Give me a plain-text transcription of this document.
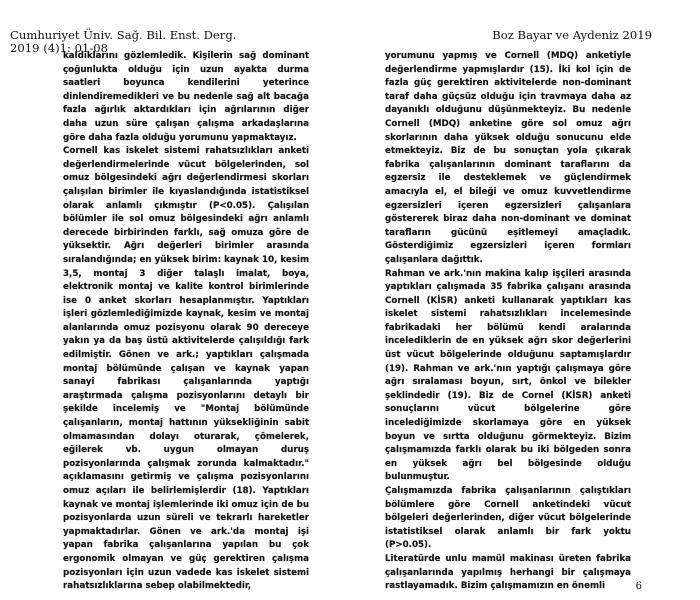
Cumhuriyet Üniv. Sağ. Bil. Enst. Derg.
2019 (4)1: 01-08
Boz Bayar ve Aydeniz 2019

kaldıklarını gözlemledik. Kişilerin sağ dominant çoğunlukta olduğu için uzun ayakta durma saatleri boyunca kendilerini yeterince dinlendiremedikleri ve bu nedenle sağ alt bacağa fazla ağırlık aktardıkları için ağrılarının diğer daha uzun süre çalışan çalışma arkadaşlarına göre daha fazla olduğu yorumunu yapmaktayız.

Cornell kas iskelet sistemi rahatsızlıkları anketi değerlendirmelerinde vücut bölgelerinden, sol omuz bölgesindeki ağrı değerlendirmesi skorları çalışılan birimler ile kıyaslandığında istatistiksel olarak anlamlı çıkmıştır (P<0.05). Çalışılan bölümler ile sol omuz bölgesindeki ağrı anlamlı derecede birbirinden farklı, sağ omuza göre de yüksektir. Ağrı değerleri birimler arasında sıralandığında; en yüksek birim: kaynak 10, kesim 3,5, montaj 3 diğer talaşlı imalat, boya, elektronik montaj ve kalite kontrol birimlerinde ise 0 anket skorları hesaplanmıştır. Yaptıkları işleri gözlemlediğimizde kaynak, kesim ve montaj alanlarında omuz pozisyonu olarak 90 dereceye yakın ya da baş üstü aktivitelerde çalışıldığı fark edilmiştir. Gönen ve ark.; yaptıkları çalışmada montaj bölümünde çalışan ve kaynak yapan sanayi fabrikası çalışanlarında yaptığı araştırmada çalışma pozisyonlarını detaylı bir şekilde incelemiş ve "Montaj bölümünde çalışanların, montaj hattının yüksekliğinin sabit olmamasından dolayı oturarak, çömelerek, eğilerek vb. uygun olmayan duruş pozisyonlarında çalışmak zorunda kalmaktadır." açıklamasını getirmiş ve çalışma pozisyonlarını omuz açıları ile belirlemişlerdir (18). Yaptıkları kaynak ve montaj işlemlerinde iki omuz için de bu pozisyonlarda uzun süreli ve tekrarlı hareketler yapmaktadırlar. Gönen ve ark.'da montaj işi yapan fabrika çalışanlarına yapılan bu çok ergonomik olmayan ve güç gerektiren çalışma pozisyonları için uzun vadede kas iskelet sistemi rahatsızlıklarına sebep olabilmektedir,

yorumunu yapmış ve Cornell (MDQ) anketiyle değerlendirme yapmışlardır (15). İki kol için de fazla güç gerektiren aktivitelerde non-dominant taraf daha güçsüz olduğu için travmaya daha az dayanıklı olduğunu düşünmekteyiz. Bu nedenle Cornell (MDQ) anketine göre sol omuz ağrı skorlarının daha yüksek olduğu sonucunu elde etmekteyiz. Biz de bu sonuçtan yola çıkarak fabrika çalışanlarının dominant taraflarını da egzersiz ile desteklemek ve güçlendirmek amacıyla el, el bileği ve omuz kuvvetlendirme egzersizleri içeren egzersizleri çalışanlara göstererek biraz daha non-dominant ve dominat tarafların gücünü eşitlemeyi amaçladık. Gösterdiğimiz egzersizleri içeren formları çalışanlara dağıttık.

Rahman ve ark.'nın makina kalıp işçileri arasında yaptıkları çalışmada 35 fabrika çalışanı arasında Cornell (KİSR) anketi kullanarak yaptıkları kas iskelet sistemi rahatsızlıkları incelemesinde fabrikadaki her bölümü kendi aralarında incelediklerin de en yüksek ağrı skor değerlerini üst vücut bölgelerinde olduğunu saptamışlardır (19). Rahman ve ark.'nın yaptığı çalışmaya göre ağrı sıralaması boyun, sırt, önkol ve bilekler şeklindedir (19). Biz de Cornel (KİSR) anketi sonuçlarını vücut bölgelerine göre incelediğimizde skorlamaya göre en yüksek boyun ve sırtta olduğunu görmekteyiz. Bizim çalışmamızda farklı olarak bu iki bölgeden sonra en yüksek ağrı bel bölgesinde olduğu bulunmuştur.

Çalışmamızda fabrika çalışanlarının çalıştıkları bölümlere göre Cornell anketindeki vücut bölgeleri değerlerinden, diğer vücut bölgelerinde istatistiksel olarak anlamlı bir fark yoktu (P>0.05).

Literatürde unlu mamül makinası üreten fabrika çalışanlarında yapılmış herhangi bir çalışmaya rastlayamadık. Bizim çalışmamızın en önemli	6
